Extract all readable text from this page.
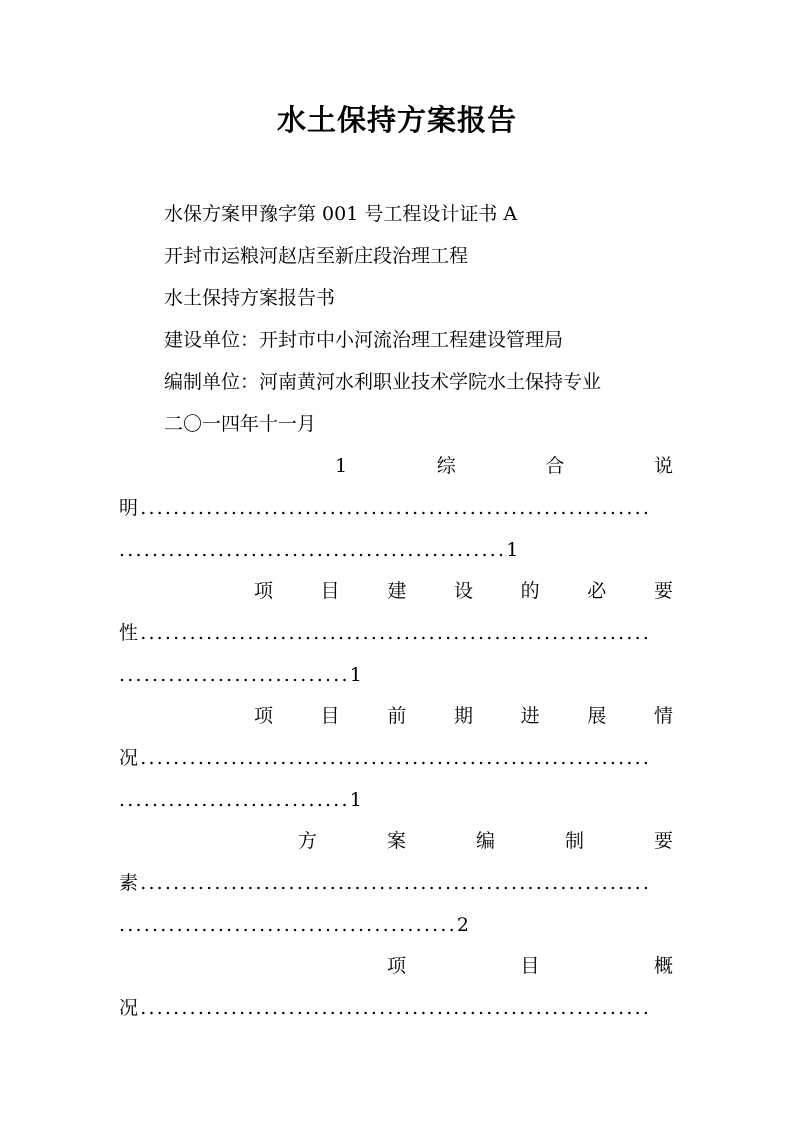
水土保持方案报告
水保方案甲豫字第 001 号工程设计证书 A
开封市运粮河赵店至新庄段治理工程
水土保持方案报告书
建设单位：开封市中小河流治理工程建设管理局
编制单位：河南黄河水利职业技术学院水土保持专业
二〇一四年十一月
1	综	合	说
明..............................................................
...............................................1
项	目	建	设	的	必	要
性..............................................................
............................1
项	目	前	期	进	展	情
况..............................................................
............................1
方	案	编	制	要
素..............................................................
.........................................2
项	目	概
况..............................................................
